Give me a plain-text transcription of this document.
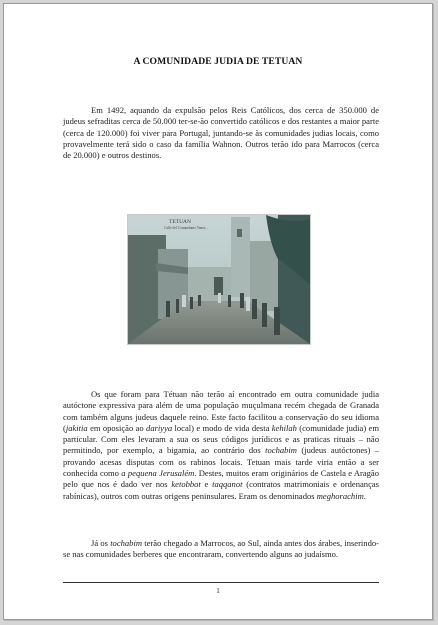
A COMUNIDADE JUDIA DE TETUAN

Em 1492, aquando da expulsão pelos Reis Católicos, dos cerca de 350.000 de judeus sefraditas cerca de 50.000 ter-se-ão convertido católicos e dos restantes a maior parte (cerca de 120.000) foi viver para Portugal, juntando-se às comunidades judias locais, como provavelmente terá sido o caso da família Wahnon. Outros terão ido para Marrocos (cerca de 20.000) e outros destinos.

TETUAN
Calle del Comandante Yanes...

Os que foram para Tétuan não terão aí encontrado em outra comunidade judia autóctone expressiva para além de uma população muçulmana recém chegada de Granada com também alguns judeus daquele reino. Este facto facilitou a conservação do seu idioma (jakitia em oposição ao dariyya local) e modo de vida desta kehilah (comunidade judia) em particular. Com eles levaram a sua os seus códigos jurídicos e as praticas rituais – não permitindo, por exemplo, a bigamia, ao contrário dos tochabim (judeus autóctones) – provando acesas disputas com os rabinos locais. Tetuan mais tarde viria então a ser conhecida como a pequena Jerusalém. Destes, muitos eram originários de Castela e Aragão pelo que nos é dado ver nos ketobbot e taqqanot (contratos matrimoniais e ordenanças rabínicas), outros com outras origens peninsulares. Eram os denominados meghorachim.

Já os tochabim terão chegado a Marrocos, ao Sul, ainda antes dos árabes, inserindo-se nas comunidades berberes que encontraram, convertendo alguns ao judaísmo.

1
